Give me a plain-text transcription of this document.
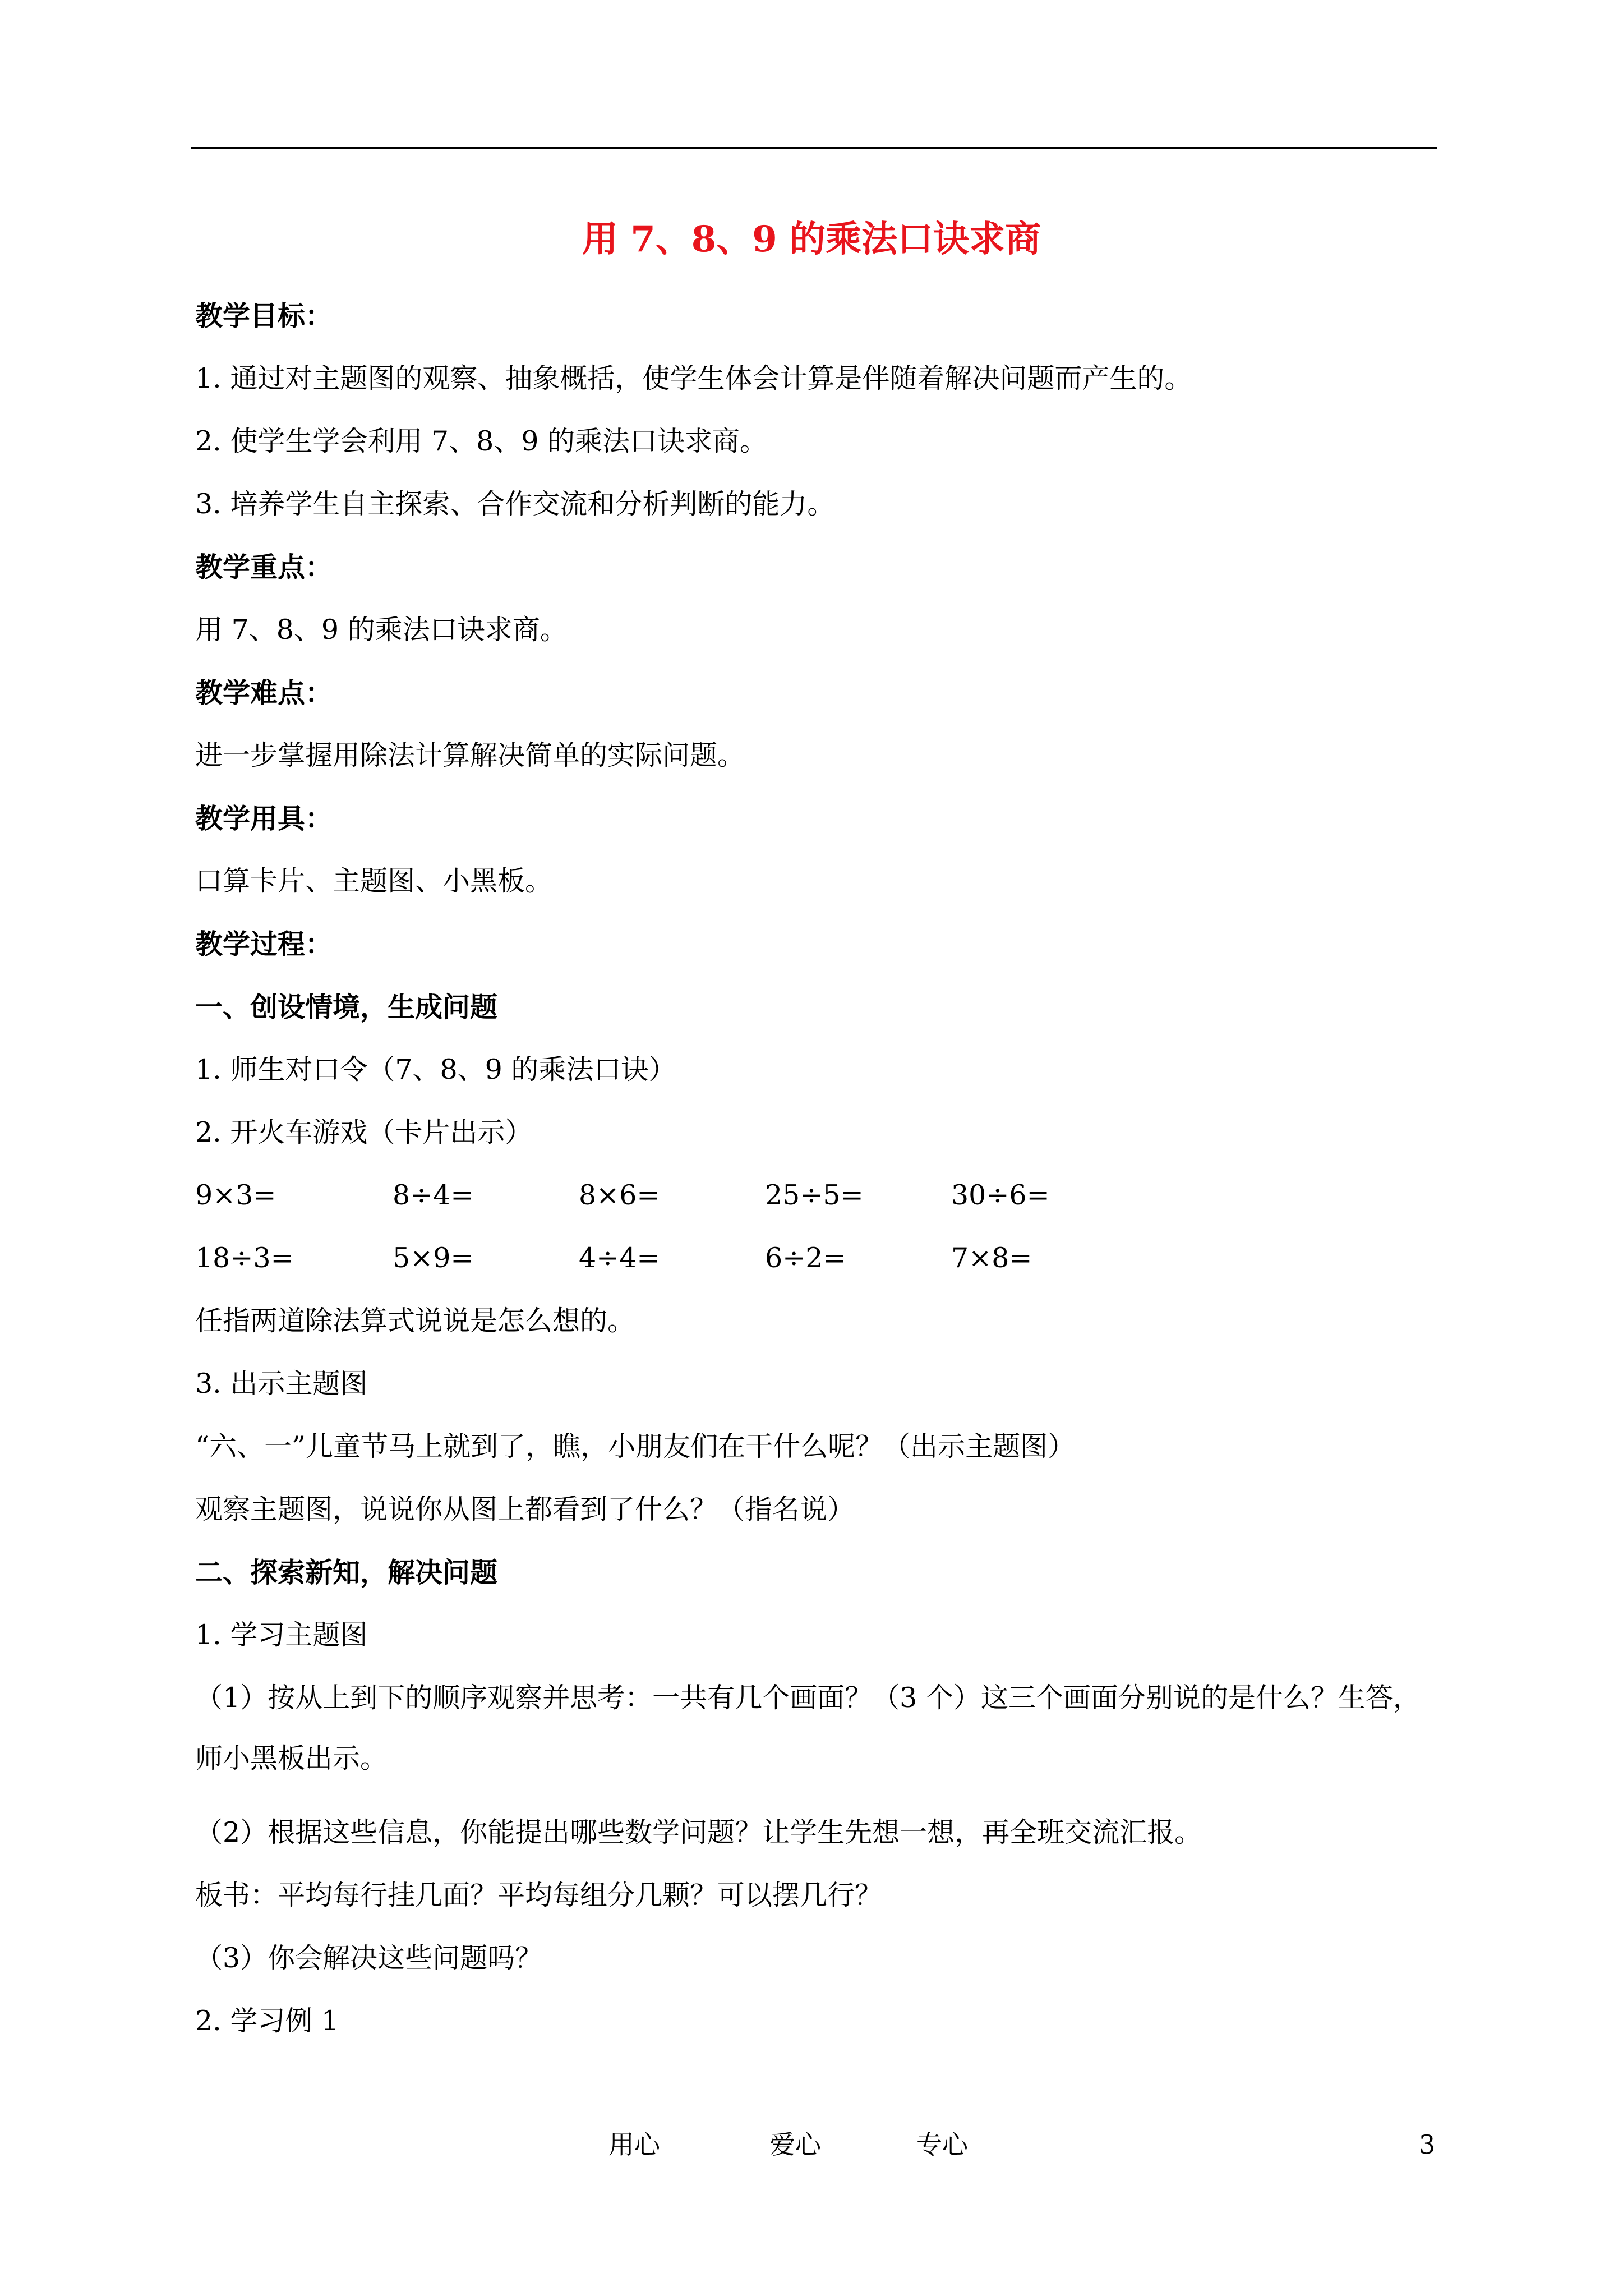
用 7、8、9 的乘法口诀求商
教学目标：
1. 通过对主题图的观察、抽象概括，使学生体会计算是伴随着解决问题而产生的。
2. 使学生学会利用 7、8、9 的乘法口诀求商。
3. 培养学生自主探索、合作交流和分析判断的能力。
教学重点：
用 7、8、9 的乘法口诀求商。
教学难点：
进一步掌握用除法计算解决简单的实际问题。
教学用具：
口算卡片、主题图、小黑板。
教学过程：
一、创设情境，生成问题
1. 师生对口令（7、8、9 的乘法口诀）
2. 开火车游戏（卡片出示）
9×3=	8÷4=	8×6=	25÷5=	30÷6=
18÷3=	5×9=	4÷4=	6÷2=	7×8=
任指两道除法算式说说是怎么想的。
3. 出示主题图
“六、一”儿童节马上就到了，瞧，小朋友们在干什么呢？（出示主题图）
观察主题图，说说你从图上都看到了什么？（指名说）
二、探索新知，解决问题
1. 学习主题图
（1）按从上到下的顺序观察并思考：一共有几个画面？（3 个）这三个画面分别说的是什么？生答，师小黑板出示。
（2）根据这些信息，你能提出哪些数学问题？让学生先想一想，再全班交流汇报。
板书：平均每行挂几面？平均每组分几颗？可以摆几行？
（3）你会解决这些问题吗？
2. 学习例 1
用心	爱心	专心	3
